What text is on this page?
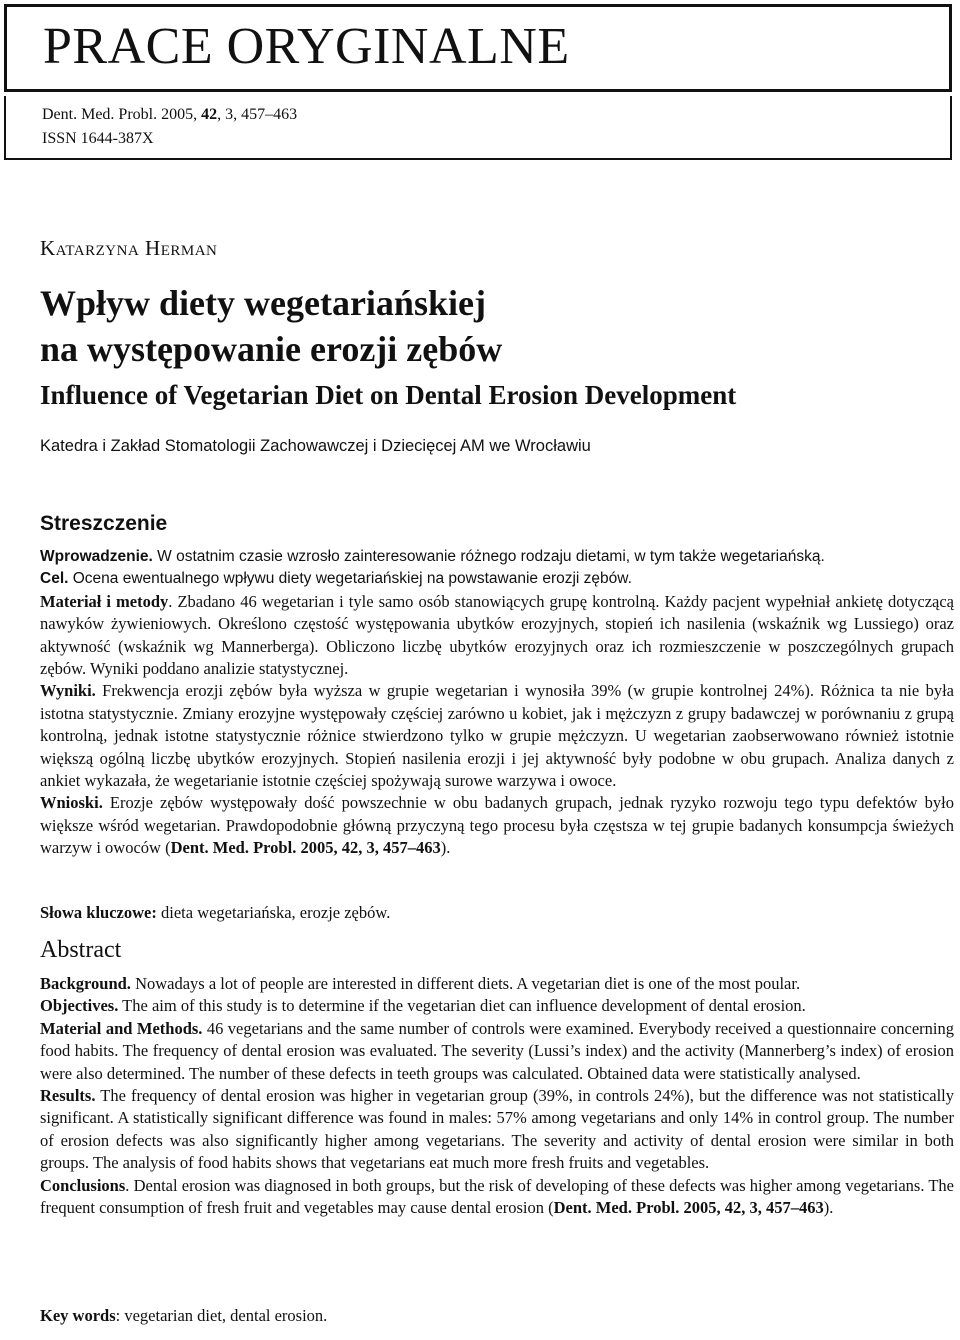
PRACE ORYGINALNE
Dent. Med. Probl. 2005, 42, 3, 457–463
ISSN 1644-387X
Katarzyna Herman
Wpływ diety wegetariańskiej
na występowanie erozji zębów
Influence of Vegetarian Diet on Dental Erosion Development
Katedra i Zakład Stomatologii Zachowawczej i Dziecięcej AM we Wrocławiu
Streszczenie
Wprowadzenie. W ostatnim czasie wzrosło zainteresowanie różnego rodzaju dietami, w tym także wegetariańską.
Cel. Ocena ewentualnego wpływu diety wegetariańskiej na powstawanie erozji zębów.
Materiał i metody. Zbadano 46 wegetarian i tyle samo osób stanowiących grupę kontrolną. Każdy pacjent wypełniał ankietę dotyczącą nawyków żywieniowych. Określono częstość występowania ubytków erozyjnych, stopień ich nasilenia (wskaźnik wg Lussiego) oraz aktywność (wskaźnik wg Mannerberga). Obliczono liczbę ubytków erozyjnych oraz ich rozmieszczenie w poszczególnych grupach zębów. Wyniki poddano analizie statystycznej.
Wyniki. Frekwencja erozji zębów była wyższa w grupie wegetarian i wynosiła 39% (w grupie kontrolnej 24%). Różnica ta nie była istotna statystycznie. Zmiany erozyjne występowały częściej zarówno u kobiet, jak i mężczyzn z grupy badawczej w porównaniu z grupą kontrolną, jednak istotne statystycznie różnice stwierdzono tylko w grupie mężczyzn. U wegetarian zaobserwowano również istotnie większą ogólną liczbę ubytków erozyjnych. Stopień nasilenia erozji i jej aktywność były podobne w obu grupach. Analiza danych z ankiet wykazała, że wegetarianie istotnie częściej spożywają surowe warzywa i owoce.
Wnioski. Erozje zębów występowały dość powszechnie w obu badanych grupach, jednak ryzyko rozwoju tego typu defektów było większe wśród wegetarian. Prawdopodobnie główną przyczyną tego procesu była częstsza w tej grupie badanych konsumpcja świeżych warzyw i owoców (Dent. Med. Probl. 2005, 42, 3, 457–463).
Słowa kluczowe: dieta wegetariańska, erozje zębów.
Abstract
Background. Nowadays a lot of people are interested in different diets. A vegetarian diet is one of the most poular.
Objectives. The aim of this study is to determine if the vegetarian diet can influence development of dental erosion.
Material and Methods. 46 vegetarians and the same number of controls were examined. Everybody received a questionnaire concerning food habits. The frequency of dental erosion was evaluated. The severity (Lussi’s index) and the activity (Mannerberg’s index) of erosion were also determined. The number of these defects in teeth groups was calculated. Obtained data were statistically analysed.
Results. The frequency of dental erosion was higher in vegetarian group (39%, in controls 24%), but the difference was not statistically significant. A statistically significant difference was found in males: 57% among vegetarians and only 14% in control group. The number of erosion defects was also significantly higher among vegetarians. The severity and activity of dental erosion were similar in both groups. The analysis of food habits shows that vegetarians eat much more fresh fruits and vegetables.
Conclusions. Dental erosion was diagnosed in both groups, but the risk of developing of these defects was higher among vegetarians. The frequent consumption of fresh fruit and vegetables may cause dental erosion (Dent. Med. Probl. 2005, 42, 3, 457–463).
Key words: vegetarian diet, dental erosion.
